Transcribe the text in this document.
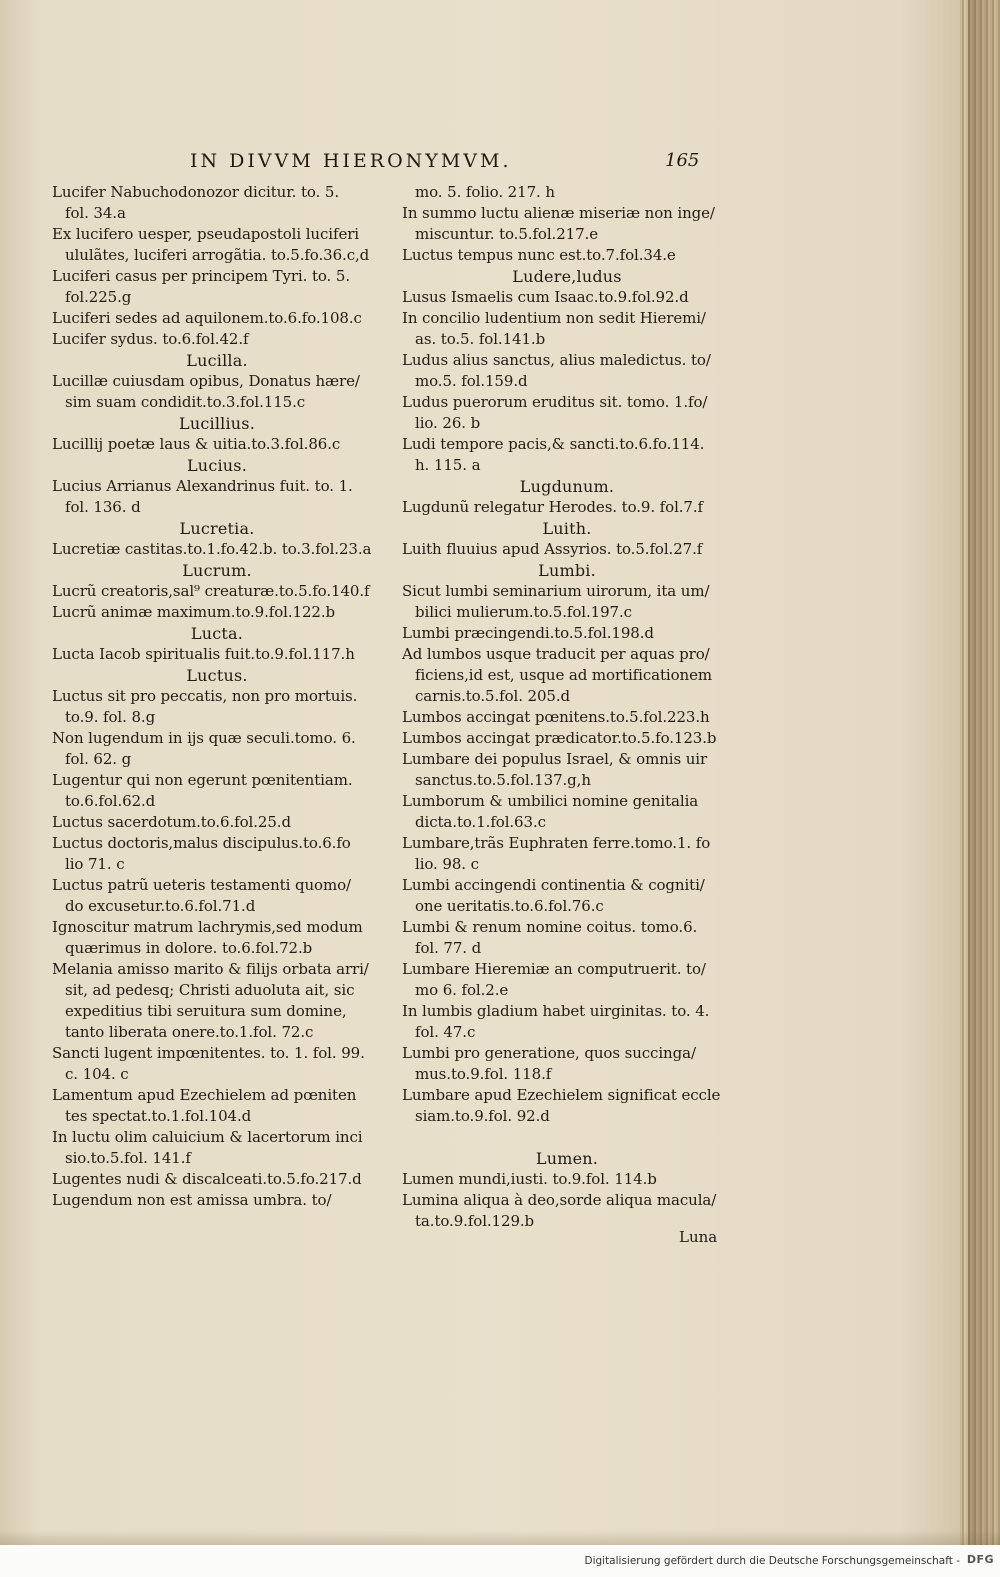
IN DIVVM HIERONYMVM.	165
Lucifer Nabuchodonozor dicitur. to. 5.
fol. 34.a
Ex lucifero uesper, pseudapostoli luciferi
ululãtes, luciferi arrogãtia. to.5.fo.36.c,d
Luciferi casus per principem Tyri. to. 5.
fol.225.g
Luciferi sedes ad aquilonem.to.6.fo.108.c
Lucifer sydus. to.6.fol.42.f
Lucilla.
Lucillæ cuiusdam opibus, Donatus hære/
sim suam condidit.to.3.fol.115.c
Lucillius.
Lucillij poetæ laus & uitia.to.3.fol.86.c
Lucius.
Lucius Arrianus Alexandrinus fuit. to. 1.
fol. 136. d
Lucretia.
Lucretiæ castitas.to.1.fo.42.b. to.3.fol.23.a
Lucrum.
Lucrũ creatoris,sal⁹ creaturæ.to.5.fo.140.f
Lucrũ animæ maximum.to.9.fol.122.b
Lucta.
Lucta Iacob spiritualis fuit.to.9.fol.117.h
Luctus.
Luctus sit pro peccatis, non pro mortuis.
to.9. fol. 8.g
Non lugendum in ijs quæ seculi.tomo. 6.
fol. 62. g
Lugentur qui non egerunt pœnitentiam.
to.6.fol.62.d
Luctus sacerdotum.to.6.fol.25.d
Luctus doctoris,malus discipulus.to.6.fo
lio 71. c
Luctus patrũ ueteris testamenti quomo/
do excusetur.to.6.fol.71.d
Ignoscitur matrum lachrymis,sed modum
quærimus in dolore. to.6.fol.72.b
Melania amisso marito & filijs orbata arri/
sit, ad pedesq; Christi aduoluta ait, sic
expeditius tibi seruitura sum domine,
tanto liberata onere.to.1.fol. 72.c
Sancti lugent impœnitentes. to. 1. fol. 99.
c. 104. c
Lamentum apud Ezechielem ad pœniten
tes spectat.to.1.fol.104.d
In luctu olim caluicium & lacertorum inci
sio.to.5.fol. 141.f
Lugentes nudi & discalceati.to.5.fo.217.d
Lugendum non est amissa umbra. to/
mo. 5. folio. 217. h
In summo luctu alienæ miseriæ non inge/
miscuntur. to.5.fol.217.e
Luctus tempus nunc est.to.7.fol.34.e
Ludere,ludus
Lusus Ismaelis cum Isaac.to.9.fol.92.d
In concilio ludentium non sedit Hieremi/
as. to.5. fol.141.b
Ludus alius sanctus, alius maledictus. to/
mo.5. fol.159.d
Ludus puerorum eruditus sit. tomo. 1.fo/
lio. 26. b
Ludi tempore pacis,& sancti.to.6.fo.114.
h. 115. a
Lugdunum.
Lugdunũ relegatur Herodes. to.9. fol.7.f
Luith.
Luith fluuius apud Assyrios. to.5.fol.27.f
Lumbi.
Sicut lumbi seminarium uirorum, ita um/
bilici mulierum.to.5.fol.197.c
Lumbi præcingendi.to.5.fol.198.d
Ad lumbos usque traducit per aquas pro/
ficiens,id est, usque ad mortificationem
carnis.to.5.fol. 205.d
Lumbos accingat pœnitens.to.5.fol.223.h
Lumbos accingat prædicator.to.5.fo.123.b
Lumbare dei populus Israel, & omnis uir
sanctus.to.5.fol.137.g,h
Lumborum & umbilici nomine genitalia
dicta.to.1.fol.63.c
Lumbare,trãs Euphraten ferre.tomo.1. fo
lio. 98. c
Lumbi accingendi continentia & cogniti/
one ueritatis.to.6.fol.76.c
Lumbi & renum nomine coitus. tomo.6.
fol. 77. d
Lumbare Hieremiæ an computruerit. to/
mo 6. fol.2.e
In lumbis gladium habet uirginitas. to. 4.
fol. 47.c
Lumbi pro generatione, quos succinga/
mus.to.9.fol. 118.f
Lumbare apud Ezechielem significat eccle
siam.to.9.fol. 92.d
Lumen.
Lumen mundi,iusti. to.9.fol. 114.b
Lumina aliqua à deo,sorde aliqua macula/
ta.to.9.fol.129.b
Luna
Digitalisierung gefördert durch die Deutsche Forschungsgemeinschaft - DFG
